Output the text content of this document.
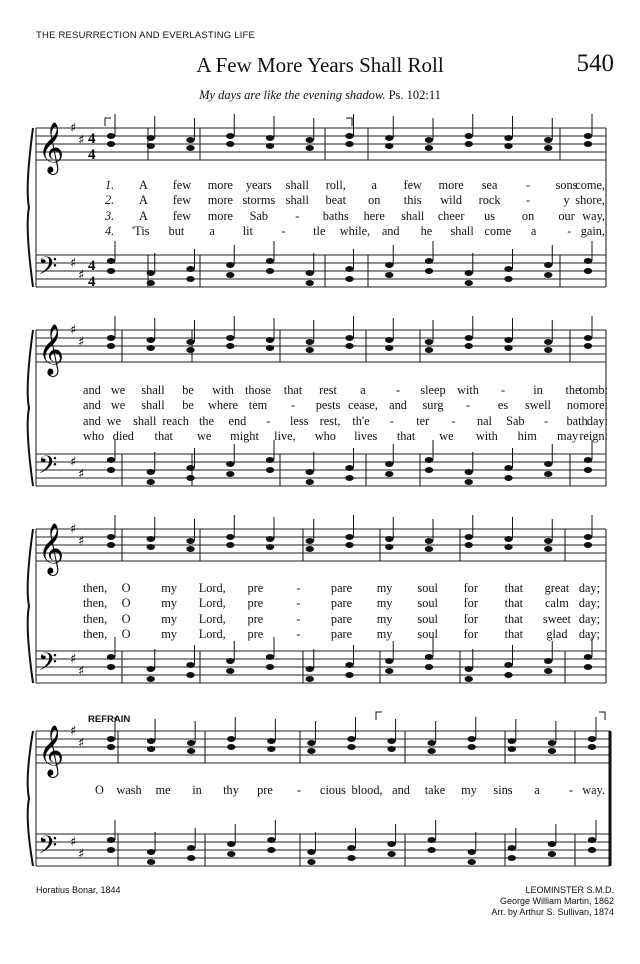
THE RESURRECTION AND EVERLASTING LIFE
540
A Few More Years Shall Roll
My days are like the evening shadow. Ps. 102:11
𝄞 ♯
♯ 4
4
𝄢 ♯
♯
4
4
𝄞 ♯
♯
𝄢 ♯
♯
𝄞 ♯
♯
𝄢 ♯
♯
𝄞 ♯
♯
𝄢 ♯
♯
1. A few more years shall roll, a few more sea - sons
come,
2. A few more storms shall beat on this wild rock -	y shore,
3. A few more Sab - baths here shall cheer us on our way,
4. 'Tis but a lit - tle while, and he shall come a	- gain,
and we shall be with those that rest a - sleep with - in the
tomb:
and we shall be where tem - pests cease, and surg - es swell no more:
and we shall reach the end - less rest, th'e - ter - nal Sab - bath day:
who died that we might live, who lives that we with him may reign:
then, O	my Lord, pre	- pare my soul for that great day;
then, O	my Lord, pre	- pare my soul for that calm day;
then, O	my Lord, pre	- pare my soul for that sweet day;
then, O	my Lord, pre	- pare my soul for that glad day;
O wash me in thy pre - cious blood, and take my sins a - way.
REFRAIN
Horatius Bonar, 1844	LEOMINSTER S.M.D.
George William Martin, 1862
Arr. by Arthur S. Sullivan, 1874
